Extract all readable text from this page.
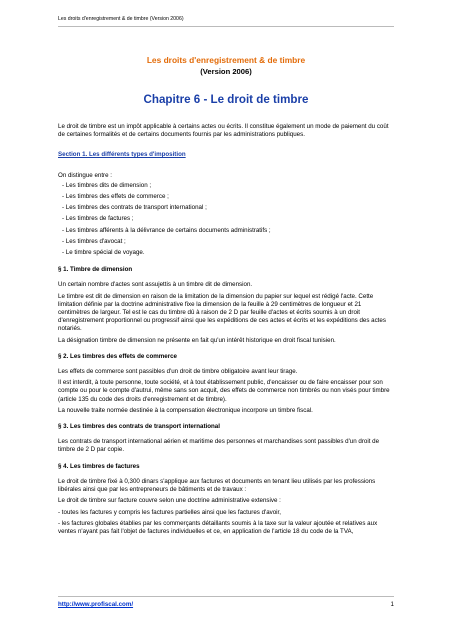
Les droits d'enregistrement & de timbre (Version 2006)
Les droits d'enregistrement & de timbre
(Version 2006)
Chapitre 6 - Le droit de timbre

Le droit de timbre est un impôt applicable à certains actes ou écrits. Il constitue également un mode de paiement du coût de certaines formalités et de certains documents fournis par les administrations publiques.

Section 1. Les différents types d'imposition

On distingue entre :

- Les timbres dits de dimension ;
- Les timbres des effets de commerce ;
- Les timbres des contrats de transport international ;
- Les timbres de factures ;
- Les timbres afférents à la délivrance de certains documents administratifs ;
- Les timbres d'avocat ;
- Le timbre spécial de voyage.

§ 1. Timbre de dimension

Un certain nombre d'actes sont assujettis à un timbre dit de dimension.

Le timbre est dit de dimension en raison de la limitation de la dimension du papier sur lequel est rédigé l'acte. Cette limitation définie par la doctrine administrative fixe la dimension de la feuille à 29 centimètres de longueur et 21 centimètres de largeur. Tel est le cas du timbre dû à raison de 2 D par feuille d'actes et écrits soumis à un droit d'enregistrement proportionnel ou progressif ainsi que les expéditions de ces actes et écrits et les expéditions des actes notariés.

La désignation timbre de dimension ne présente en fait qu'un intérêt historique en droit fiscal tunisien.

§ 2. Les timbres des effets de commerce

Les effets de commerce sont passibles d'un droit de timbre obligatoire avant leur tirage.

Il est interdit, à toute personne, toute société, et à tout établissement public, d'encaisser ou de faire encaisser pour son compte ou pour le compte d'autrui, même sans son acquit, des effets de commerce non timbrés ou non visés pour timbre (article 135 du code des droits d'enregistrement et de timbre).

La nouvelle traite normée destinée à la compensation électronique incorpore un timbre fiscal.

§ 3. Les timbres des contrats de transport international

Les contrats de transport international aérien et maritime des personnes et marchandises sont passibles d'un droit de timbre de 2 D par copie.

§ 4. Les timbres de factures

Le droit de timbre fixé à 0,300 dinars s'applique aux factures et documents en tenant lieu utilisés par les professions libérales ainsi que par les entrepreneurs de bâtiments et de travaux :

Le droit de timbre sur facture couvre selon une doctrine administrative extensive :

- toutes les factures y compris les factures partielles ainsi que les factures d'avoir,

- les factures globales établies par les commerçants détaillants soumis à la taxe sur la valeur ajoutée et relatives aux ventes n'ayant pas fait l'objet de factures individuelles et ce, en application de l'article 18 du code de la TVA,

http://www.profiscal.com/	1
